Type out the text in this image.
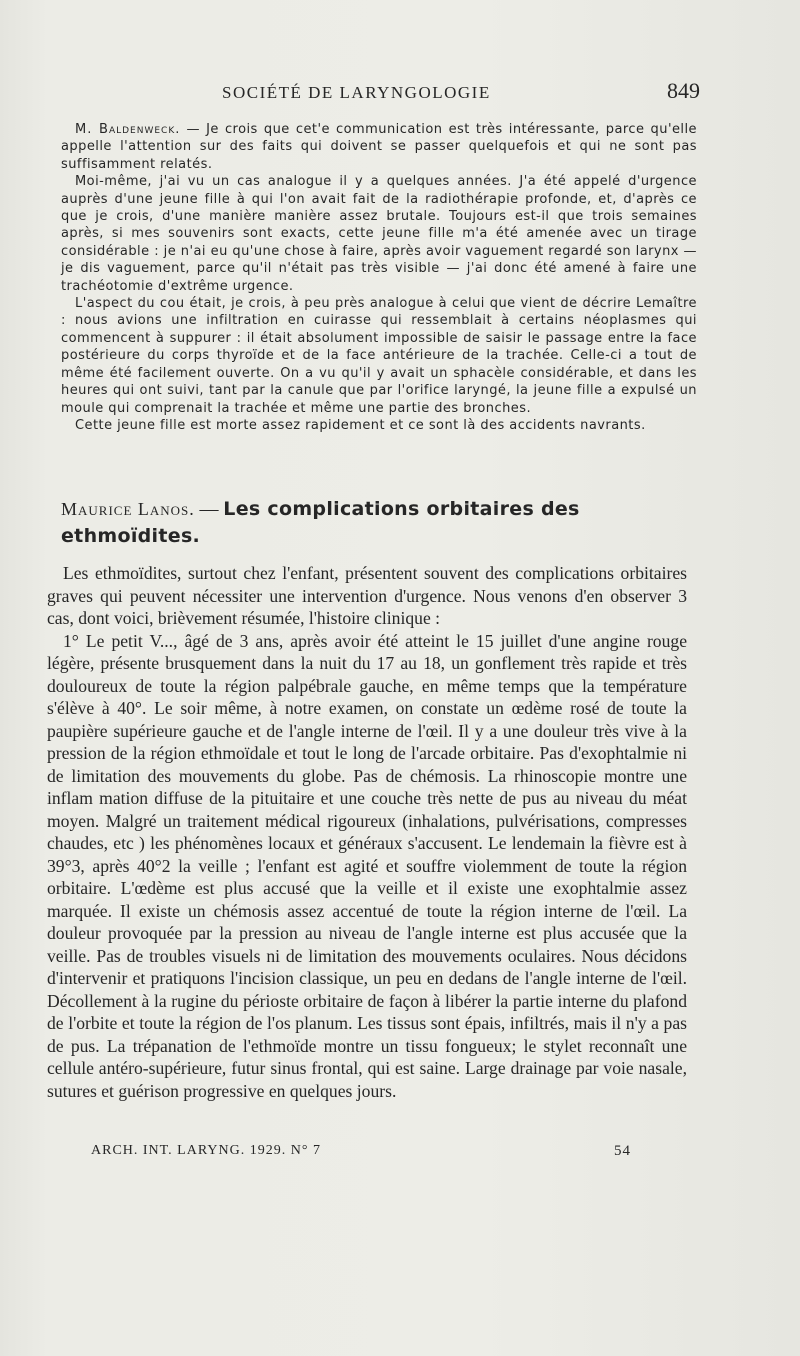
SOCIÉTÉ DE LARYNGOLOGIE	849

M. Baldenweck. — Je crois que cet'e communication est très intéressante, parce qu'elle appelle l'attention sur des faits qui doivent se passer quelquefois et qui ne sont pas suffisamment relatés.

Moi-même, j'ai vu un cas analogue il y a quelques années. J'a été appelé d'urgence auprès d'une jeune fille à qui l'on avait fait de la radiothérapie profonde, et, d'après ce que je crois, d'une manière manière assez brutale. Toujours est-il que trois semaines après, si mes souvenirs sont exacts, cette jeune fille m'a été amenée avec un tirage considérable : je n'ai eu qu'une chose à faire, après avoir vaguement regardé son larynx —je dis vaguement, parce qu'il n'était pas très visible — j'ai donc été amené à faire une trachéotomie d'extrême urgence.

L'aspect du cou était, je crois, à peu près analogue à celui que vient de décrire Lemaître : nous avions une infiltration en cuirasse qui ressemblait à certains néoplasmes qui commencent à suppurer : il était absolument impossible de saisir le passage entre la face postérieure du corps thyroïde et de la face antérieure de la trachée. Celle-ci a tout de même été facilement ouverte. On a vu qu'il y avait un sphacèle considérable, et dans les heures qui ont suivi, tant par la canule que par l'orifice laryngé, la jeune fille a expulsé un moule qui comprenait la trachée et même une partie des bronches.

Cette jeune fille est morte assez rapidement et ce sont là des accidents navrants.

Maurice Lanos. — Les complications orbitaires des ethmoïdites.

Les ethmoïdites, surtout chez l'enfant, présentent souvent des complications orbitaires graves qui peuvent nécessiter une intervention d'urgence. Nous venons d'en observer 3 cas, dont voici, brièvement résumée, l'histoire clinique :

1° Le petit V..., âgé de 3 ans, après avoir été atteint le 15 juillet d'une angine rouge légère, présente brusquement dans la nuit du 17 au 18, un gonflement très rapide et très douloureux de toute la région palpébrale gauche, en même temps que la température s'élève à 40°. Le soir même, à notre examen, on constate un œdème rosé de toute la paupière supérieure gauche et de l'angle interne de l'œil. Il y a une douleur très vive à la pression de la région ethmoïdale et tout le long de l'arcade orbitaire. Pas d'exophtalmie ni de limitation des mouvements du globe. Pas de chémosis. La rhinoscopie montre une inflam mation diffuse de la pituitaire et une couche très nette de pus au niveau du méat moyen. Malgré un traitement médical rigoureux (inhalations, pulvérisations, compresses chaudes, etc ) les phénomènes locaux et généraux s'accusent. Le lendemain la fièvre est à 39°3, après 40°2 la veille ; l'enfant est agité et souffre violemment de toute la région orbitaire. L'œdème est plus accusé que la veille et il existe une exophtalmie assez marquée. Il existe un chémosis assez accentué de toute la région interne de l'œil. La douleur provoquée par la pression au niveau de l'angle interne est plus accusée que la veille. Pas de troubles visuels ni de limitation des mouvements oculaires. Nous décidons d'intervenir et pratiquons l'incision classique, un peu en dedans de l'angle interne de l'œil. Décollement à la rugine du périoste orbitaire de façon à libérer la partie interne du plafond de l'orbite et toute la région de l'os planum. Les tissus sont épais, infiltrés, mais il n'y a pas de pus. La trépanation de l'ethmoïde montre un tissu fongueux; le stylet reconnaît une cellule antéro-supérieure, futur sinus frontal, qui est saine. Large drainage par voie nasale, sutures et guérison progressive en quelques jours.

ARCH. INT. LARYNG. 1929. N° 7	54
